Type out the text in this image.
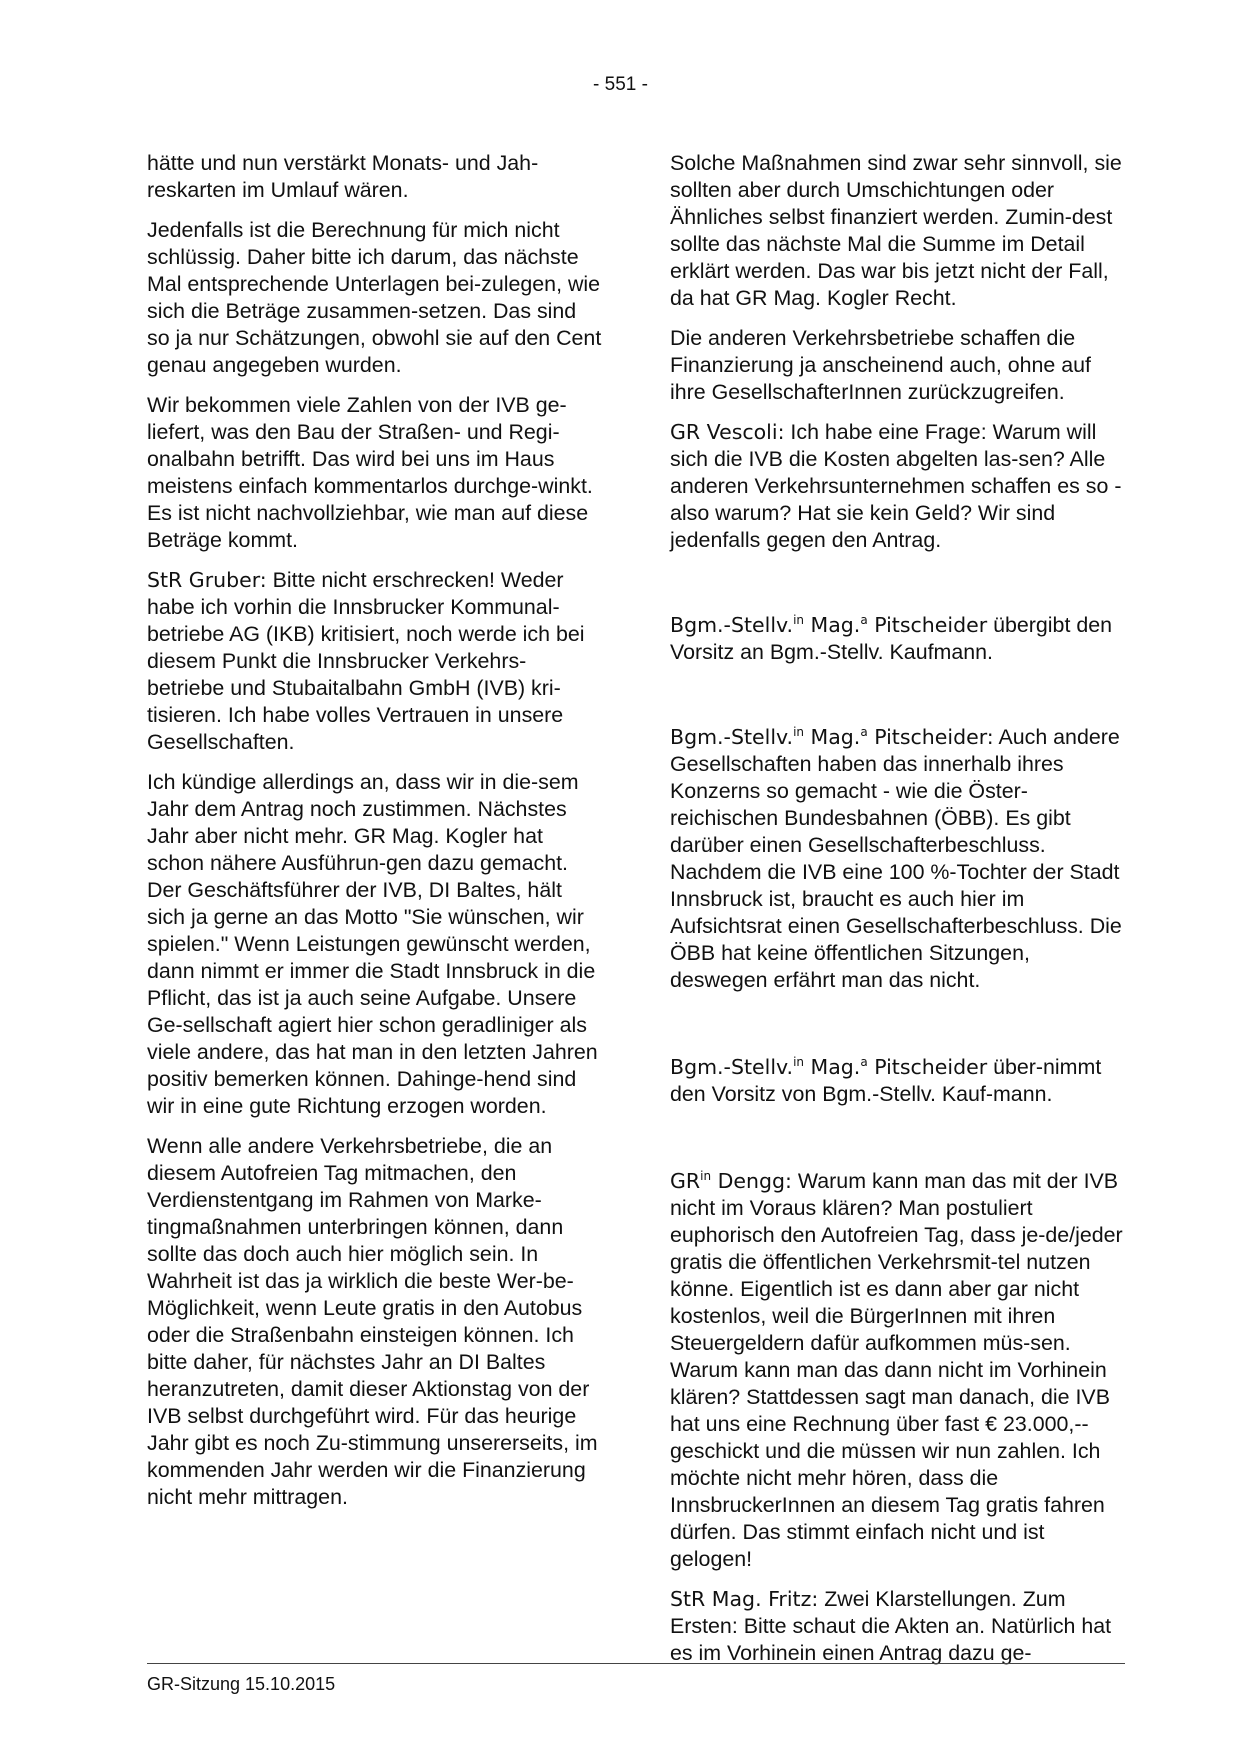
- 551 -

hätte und nun verstärkt Monats- und Jah-reskarten im Umlauf wären.

Jedenfalls ist die Berechnung für mich nicht schlüssig. Daher bitte ich darum, das nächste Mal entsprechende Unterlagen bei-zulegen, wie sich die Beträge zusammen-setzen. Das sind so ja nur Schätzungen, obwohl sie auf den Cent genau angegeben wurden.

Wir bekommen viele Zahlen von der IVB ge-liefert, was den Bau der Straßen- und Regi-onalbahn betrifft. Das wird bei uns im Haus meistens einfach kommentarlos durchge-winkt. Es ist nicht nachvollziehbar, wie man auf diese Beträge kommt.

StR Gruber: Bitte nicht erschrecken! Weder habe ich vorhin die Innsbrucker Kommunal-betriebe AG (IKB) kritisiert, noch werde ich bei diesem Punkt die Innsbrucker Verkehrs-betriebe und Stubaitalbahn GmbH (IVB) kri-tisieren. Ich habe volles Vertrauen in unsere Gesellschaften.

Ich kündige allerdings an, dass wir in die-sem Jahr dem Antrag noch zustimmen. Nächstes Jahr aber nicht mehr. GR Mag. Kogler hat schon nähere Ausführun-gen dazu gemacht. Der Geschäftsführer der IVB, DI Baltes, hält sich ja gerne an das Motto "Sie wünschen, wir spielen." Wenn Leistungen gewünscht werden, dann nimmt er immer die Stadt Innsbruck in die Pflicht, das ist ja auch seine Aufgabe. Unsere Ge-sellschaft agiert hier schon geradliniger als viele andere, das hat man in den letzten Jahren positiv bemerken können. Dahinge-hend sind wir in eine gute Richtung erzogen worden.

Wenn alle andere Verkehrsbetriebe, die an diesem Autofreien Tag mitmachen, den Verdienstentgang im Rahmen von Marke-tingmaßnahmen unterbringen können, dann sollte das doch auch hier möglich sein. In Wahrheit ist das ja wirklich die beste Wer-be-Möglichkeit, wenn Leute gratis in den Autobus oder die Straßenbahn einsteigen können. Ich bitte daher, für nächstes Jahr an DI Baltes heranzutreten, damit dieser Aktionstag von der IVB selbst durchgeführt wird. Für das heurige Jahr gibt es noch Zu-stimmung unsererseits, im kommenden Jahr werden wir die Finanzierung nicht mehr mittragen.

Solche Maßnahmen sind zwar sehr sinnvoll, sie sollten aber durch Umschichtungen oder Ähnliches selbst finanziert werden. Zumin-dest sollte das nächste Mal die Summe im Detail erklärt werden. Das war bis jetzt nicht der Fall, da hat GR Mag. Kogler Recht.

Die anderen Verkehrsbetriebe schaffen die Finanzierung ja anscheinend auch, ohne auf ihre GesellschafterInnen zurückzugreifen.

GR Vescoli: Ich habe eine Frage: Warum will sich die IVB die Kosten abgelten las-sen? Alle anderen Verkehrsunternehmen schaffen es so - also warum? Hat sie kein Geld? Wir sind jedenfalls gegen den Antrag.

Bgm.-Stellv.$^{in}$ Mag.$^a$ Pitscheider übergibt den Vorsitz an Bgm.-Stellv. Kaufmann.

Bgm.-Stellv.$^{in}$ Mag.$^a$ Pitscheider: Auch andere Gesellschaften haben das innerhalb ihres Konzerns so gemacht - wie die Öster-reichischen Bundesbahnen (ÖBB). Es gibt darüber einen Gesellschafterbeschluss. Nachdem die IVB eine 100 %-Tochter der Stadt Innsbruck ist, braucht es auch hier im Aufsichtsrat einen Gesellschafterbeschluss. Die ÖBB hat keine öffentlichen Sitzungen, deswegen erfährt man das nicht.

Bgm.-Stellv.$^{in}$ Mag.$^a$ Pitscheider über-nimmt den Vorsitz von Bgm.-Stellv. Kauf-mann.

$GR^{in}$ Dengg: Warum kann man das mit der IVB nicht im Voraus klären? Man postuliert euphorisch den Autofreien Tag, dass je-de/jeder gratis die öffentlichen Verkehrsmit-tel nutzen könne. Eigentlich ist es dann aber gar nicht kostenlos, weil die BürgerInnen mit ihren Steuergeldern dafür aufkommen müs-sen. Warum kann man das dann nicht im Vorhinein klären? Stattdessen sagt man danach, die IVB hat uns eine Rechnung über fast € 23.000,-- geschickt und die müssen wir nun zahlen. Ich möchte nicht mehr hören, dass die InnsbruckerInnen an diesem Tag gratis fahren dürfen. Das stimmt einfach nicht und ist gelogen!

StR Mag. Fritz: Zwei Klarstellungen. Zum Ersten: Bitte schaut die Akten an. Natürlich hat es im Vorhinein einen Antrag dazu ge-

GR-Sitzung 15.10.2015
